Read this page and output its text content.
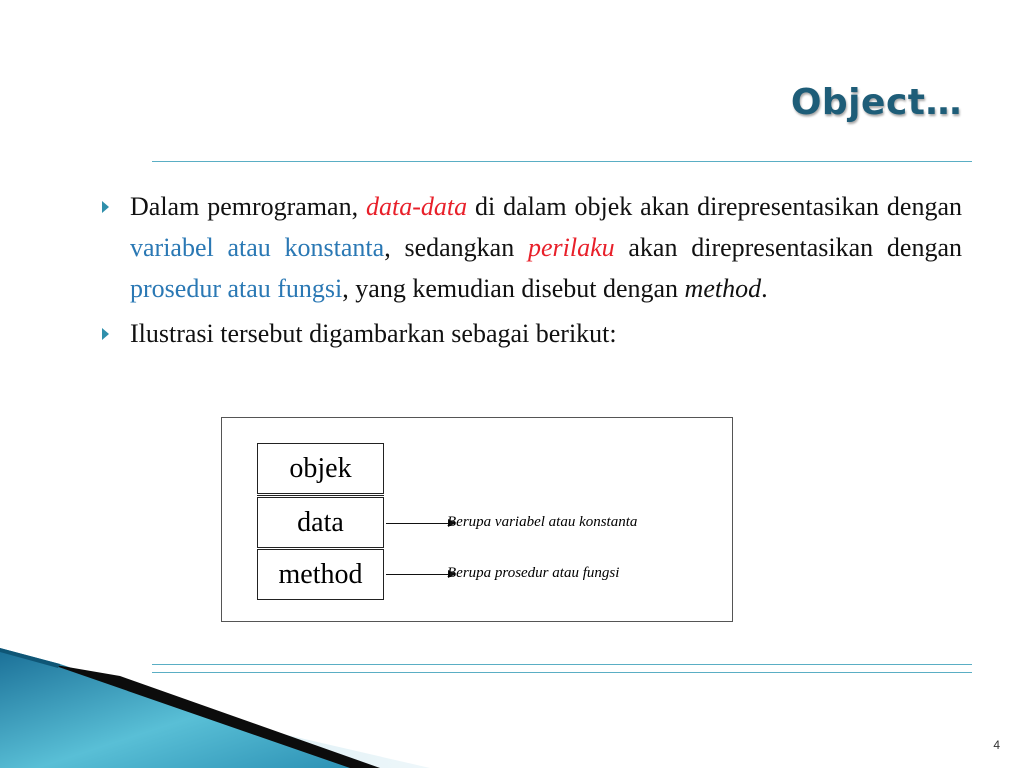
Object…
Dalam pemrograman, data-data di dalam objek akan direpresentasikan dengan variabel atau konstanta, sedangkan perilaku akan direpresentasikan dengan prosedur atau fungsi, yang kemudian disebut dengan method.
Ilustrasi tersebut digambarkan sebagai berikut:
objek
data
method
Berupa variabel atau konstanta
Berupa prosedur atau fungsi
4
